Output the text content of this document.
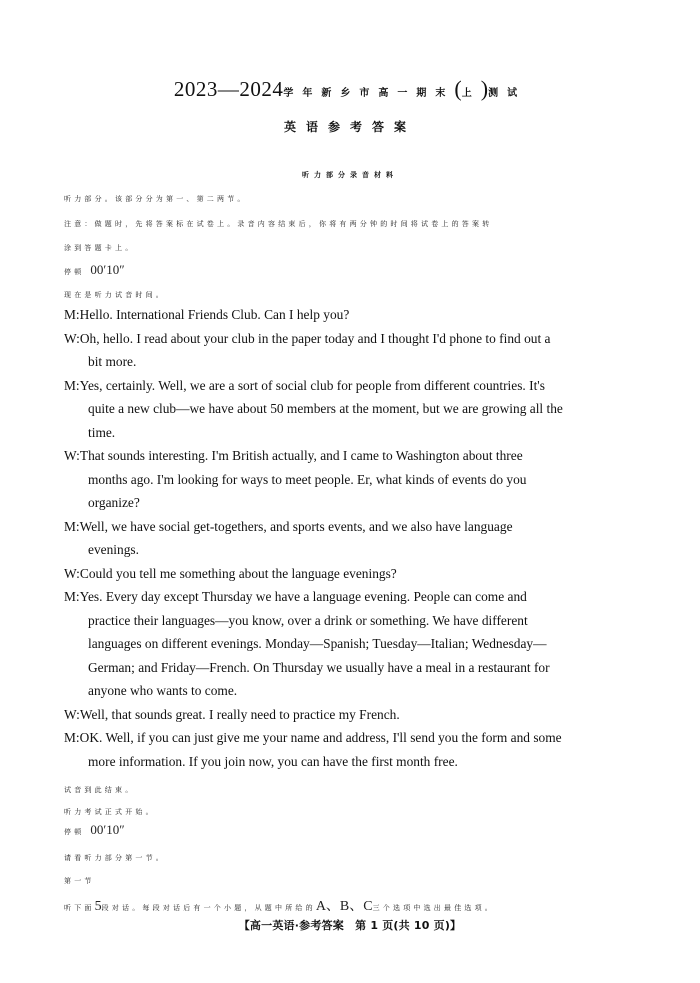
2023—2024学年新乡市高一期末(上)测试
英语参考答案
听力部分录音材料
听力部分。该部分分为第一、第二两节。
注意：做题时，先将答案标在试卷上。录音内容结束后，你将有两分钟的时间将试卷上的答案转
涂到答题卡上。
停顿 00′10″
现在是听力试音时间。
M:Hello. International Friends Club. Can I help you?
W:Oh, hello. I read about your club in the paper today and I thought I'd phone to find out a
bit more.
M:Yes, certainly. Well, we are a sort of social club for people from different countries. It's
quite a new club—we have about 50 members at the moment, but we are growing all the
time.
W:That sounds interesting. I'm British actually, and I came to Washington about three
months ago. I'm looking for ways to meet people. Er, what kinds of events do you
organize?
M:Well, we have social get-togethers, and sports events, and we also have language
evenings.
W:Could you tell me something about the language evenings?
M:Yes. Every day except Thursday we have a language evening. People can come and
practice their languages—you know, over a drink or something. We have different
languages on different evenings. Monday—Spanish; Tuesday—Italian; Wednesday—
German; and Friday—French. On Thursday we usually have a meal in a restaurant for
anyone who wants to come.
W:Well, that sounds great. I really need to practice my French.
M:OK. Well, if you can just give me your name and address, I'll send you the form and some
more information. If you join now, you can have the first month free.
试音到此结束。
听力考试正式开始。
停顿 00′10″
请看听力部分第一节。
第一节
听下面5段对话。每段对话后有一个小题，从题中所给的A、B、C三个选项中选出最佳选项。
【高一英语·参考答案　第 1 页(共 10 页)】
